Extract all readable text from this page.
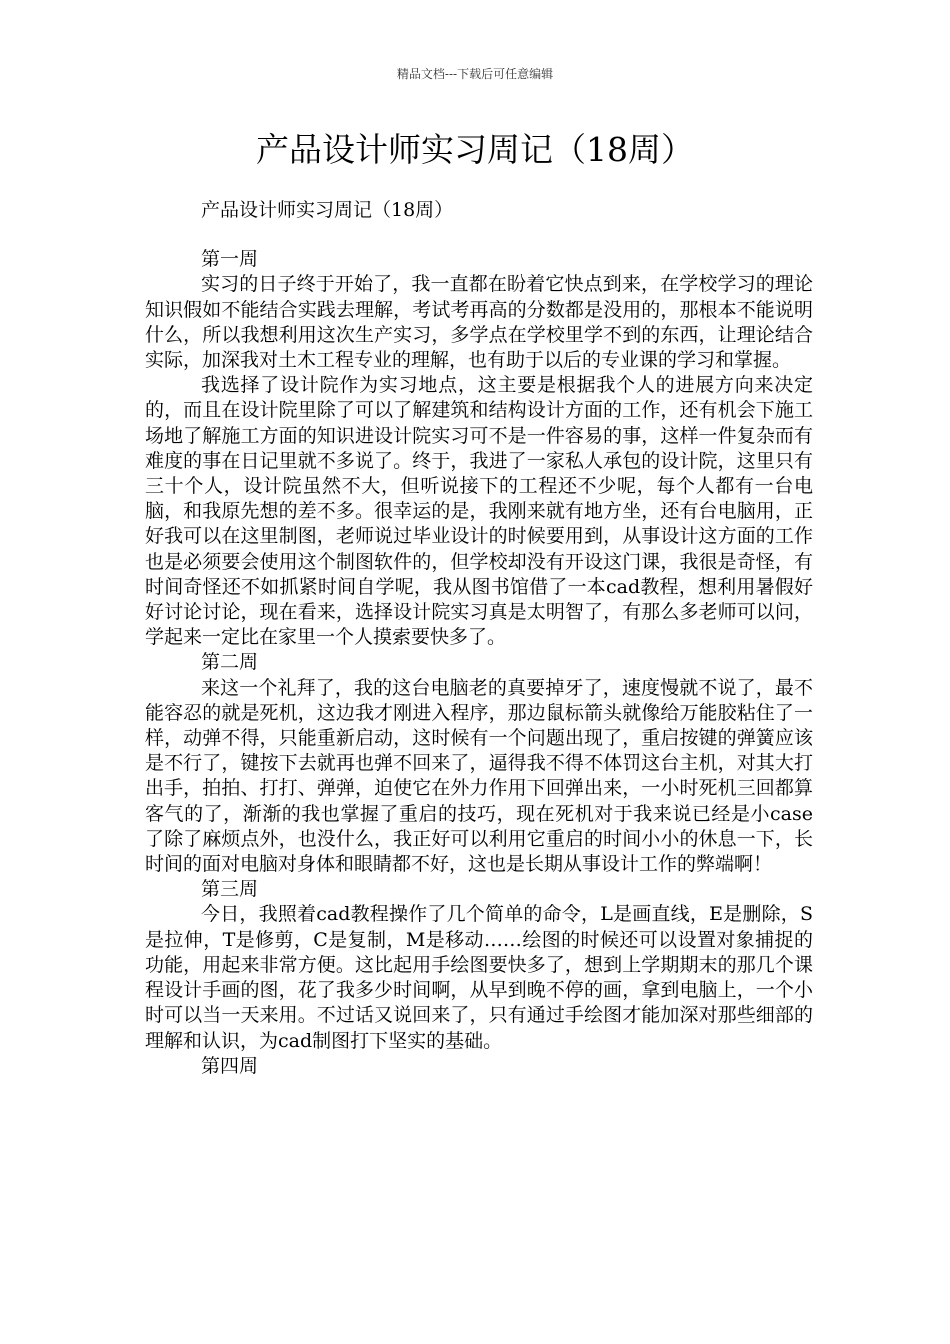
精品文档---下载后可任意编辑
产品设计师实习周记（18周）

产品设计师实习周记（18周）

第一周

实习的日子终于开始了，我一直都在盼着它快点到来，在学校学习的理论知识假如不能结合实践去理解，考试考再高的分数都是没用的，那根本不能说明什么，所以我想利用这次生产实习，多学点在学校里学不到的东西，让理论结合实际，加深我对土木工程专业的理解，也有助于以后的专业课的学习和掌握。

我选择了设计院作为实习地点，这主要是根据我个人的进展方向来决定的，而且在设计院里除了可以了解建筑和结构设计方面的工作，还有机会下施工场地了解施工方面的知识进设计院实习可不是一件容易的事，这样一件复杂而有难度的事在日记里就不多说了。终于，我进了一家私人承包的设计院，这里只有三十个人，设计院虽然不大，但听说接下的工程还不少呢，每个人都有一台电脑，和我原先想的差不多。很幸运的是，我刚来就有地方坐，还有台电脑用，正好我可以在这里制图，老师说过毕业设计的时候要用到，从事设计这方面的工作也是必须要会使用这个制图软件的，但学校却没有开设这门课，我很是奇怪，有时间奇怪还不如抓紧时间自学呢，我从图书馆借了一本cad教程，想利用暑假好好讨论讨论，现在看来，选择设计院实习真是太明智了，有那么多老师可以问，学起来一定比在家里一个人摸索要快多了。

第二周

来这一个礼拜了，我的这台电脑老的真要掉牙了，速度慢就不说了，最不能容忍的就是死机，这边我才刚进入程序，那边鼠标箭头就像给万能胶粘住了一样，动弹不得，只能重新启动，这时候有一个问题出现了，重启按键的弹簧应该是不行了，键按下去就再也弹不回来了，逼得我不得不体罚这台主机，对其大打出手，拍拍、打打、弹弹，迫使它在外力作用下回弹出来，一小时死机三回都算客气的了，渐渐的我也掌握了重启的技巧，现在死机对于我来说已经是小case了除了麻烦点外，也没什么，我正好可以利用它重启的时间小小的休息一下，长时间的面对电脑对身体和眼睛都不好，这也是长期从事设计工作的弊端啊！

第三周

今日，我照着cad教程操作了几个简单的命令，L是画直线，E是删除，S是拉伸，T是修剪，C是复制，M是移动……绘图的时候还可以设置对象捕捉的功能，用起来非常方便。这比起用手绘图要快多了，想到上学期期末的那几个课程设计手画的图，花了我多少时间啊，从早到晚不停的画，拿到电脑上，一个小时可以当一天来用。不过话又说回来了，只有通过手绘图才能加深对那些细部的理解和认识，为cad制图打下坚实的基础。

第四周
